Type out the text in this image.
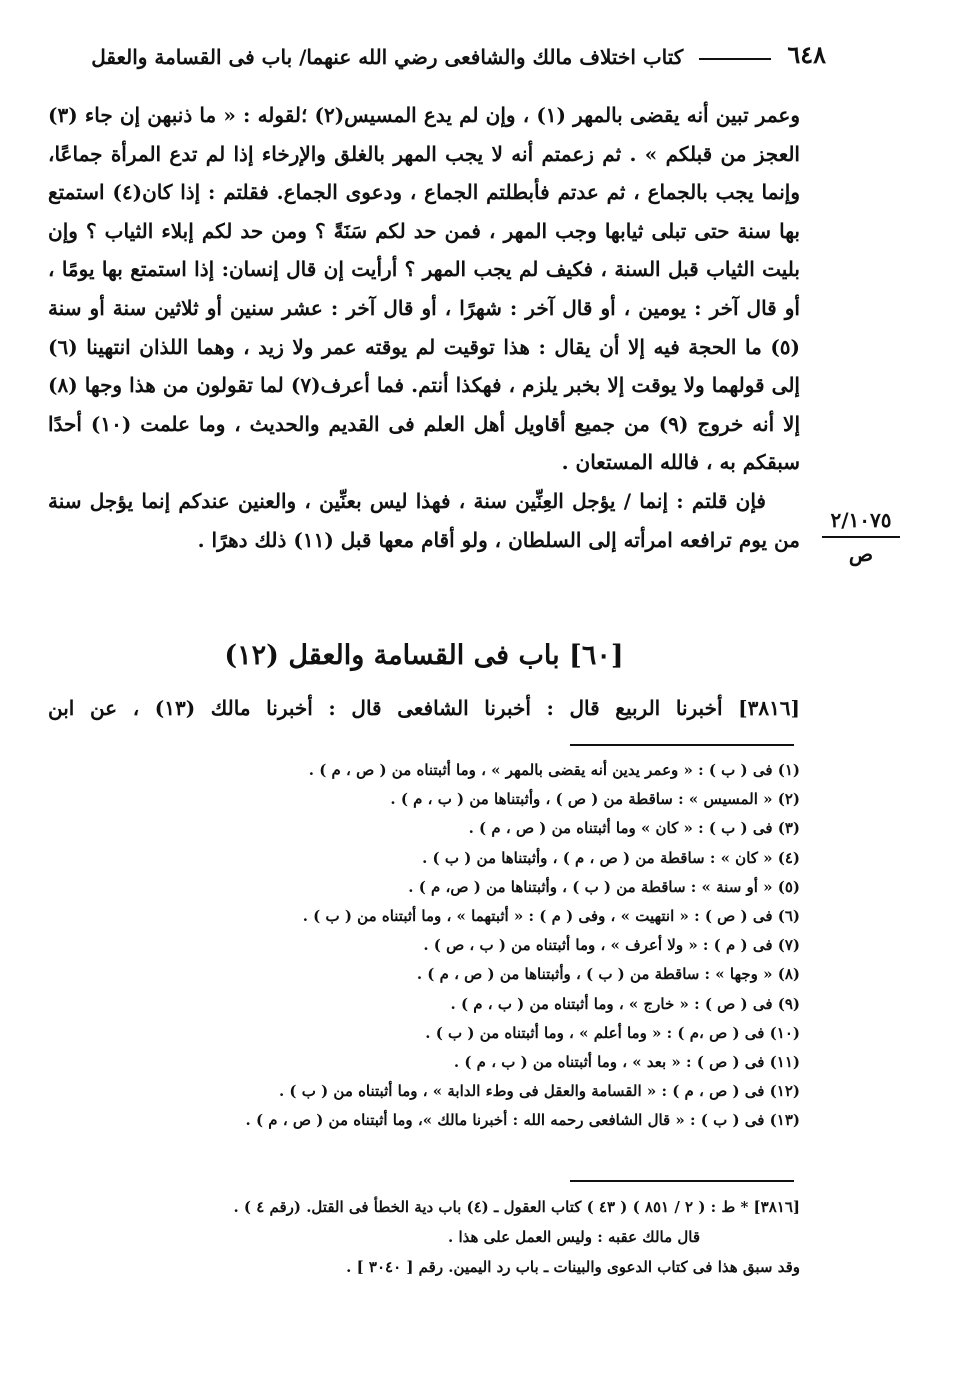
٦٤٨
كتاب اختلاف مالك والشافعى رضي الله عنهما/ باب فى القسامة والعقل

وعمر تبين أنه يقضى بالمهر (١) ، وإن لم يدع المسيس(٢) ؛لقوله : « ما ذنبهن إن جاء (٣) العجز من قبلكم » . ثم زعمتم أنه لا يجب المهر بالغلق والإرخاء إذا لم تدع المرأة جماعًا، وإنما يجب بالجماع ، ثم عدتم فأبطلتم الجماع ، ودعوى الجماع. فقلتم : إذا كان(٤) استمتع بها سنة حتى تبلى ثيابها وجب المهر ، فمن حد لكم سَنَةً ؟ ومن حد لكم إبلاء الثياب ؟ وإن بليت الثياب قبل السنة ، فكيف لم يجب المهر ؟ أرأيت إن قال إنسان: إذا استمتع بها يومًا ، أو قال آخر : يومين ، أو قال آخر : شهرًا ، أو قال آخر : عشر سنين أو ثلاثين سنة أو سنة (٥) ما الحجة فيه إلا أن يقال : هذا توقيت لم يوقته عمر ولا زيد ، وهما اللذان انتهينا (٦) إلى قولهما ولا يوقت إلا بخبر يلزم ، فهكذا أنتم. فما أعرف(٧) لما تقولون من هذا وجها (٨) إلا أنه خروج (٩) من جميع أقاويل أهل العلم فى القديم والحديث ، وما علمت (١٠) أحدًا سبقكم به ، فالله المستعان .

فإن قلتم : إنما / يؤجل العِنِّين سنة ، فهذا ليس بعنِّين ، والعنين عندكم إنما يؤجل سنة من يوم ترافعه امرأته إلى السلطان ، ولو أقام معها قبل (١١) ذلك دهرًا .

٢/١٠٧٥
ص
[٦٠] باب فى القسامة والعقل (١٢)
[٣٨١٦] أخبرنا الربيع قال : أخبرنا الشافعى قال : أخبرنا مالك (١٣) ، عن ابن
(١) فى ( ب ) : « وعمر يدين أنه يقضى بالمهر » ، وما أثبتناه من ( ص ، م ) .
(٢) « المسيس » : ساقطة من ( ص ) ، وأثبتناها من ( ب ، م ) .
(٣) فى ( ب ) : « كان » وما أثبتناه من ( ص ، م ) .
(٤) « كان » : ساقطة من ( ص ، م ) ، وأثبتناها من ( ب ) .
(٥) « أو سنة » : ساقطة من ( ب ) ، وأثبتناها من ( ص، م ) .
(٦) فى ( ص ) : « انتهيت » ، وفى ( م ) : « أثبتهما » ، وما أثبتناه من ( ب ) .
(٧) فى ( م ) : « ولا أعرف » ، وما أثبتناه من ( ب ، ص ) .
(٨) « وجها » : ساقطة من ( ب ) ، وأثبتناها من ( ص ، م ) .
(٩) فى ( ص ) : « خارج » ، وما أثبتناه من ( ب ، م ) .
(١٠) فى ( ص ،م ) : « وما أعلم » ، وما أثبتناه من ( ب ) .
(١١) فى ( ص ) : « بعد » ، وما أثبتناه من ( ب ، م ) .
(١٢) فى ( ص ، م ) : « القسامة والعقل فى وطء الدابة » ، وما أثبتناه من ( ب ) .
(١٣) فى ( ب ) : « قال الشافعى رحمه الله : أخبرنا مالك »، وما أثبتناه من ( ص ، م ) .
[٣٨١٦] * ط : ( ٢ / ٨٥١ ) ( ٤٣ ) كتاب العقول ـ (٤) باب دية الخطأ فى القتل. (رقم ٤ ) .
قال مالك عقبه : وليس العمل على هذا .
وقد سبق هذا فى كتاب الدعوى والبينات ـ باب رد اليمين. رقم [ ٣٠٤٠ ] .
